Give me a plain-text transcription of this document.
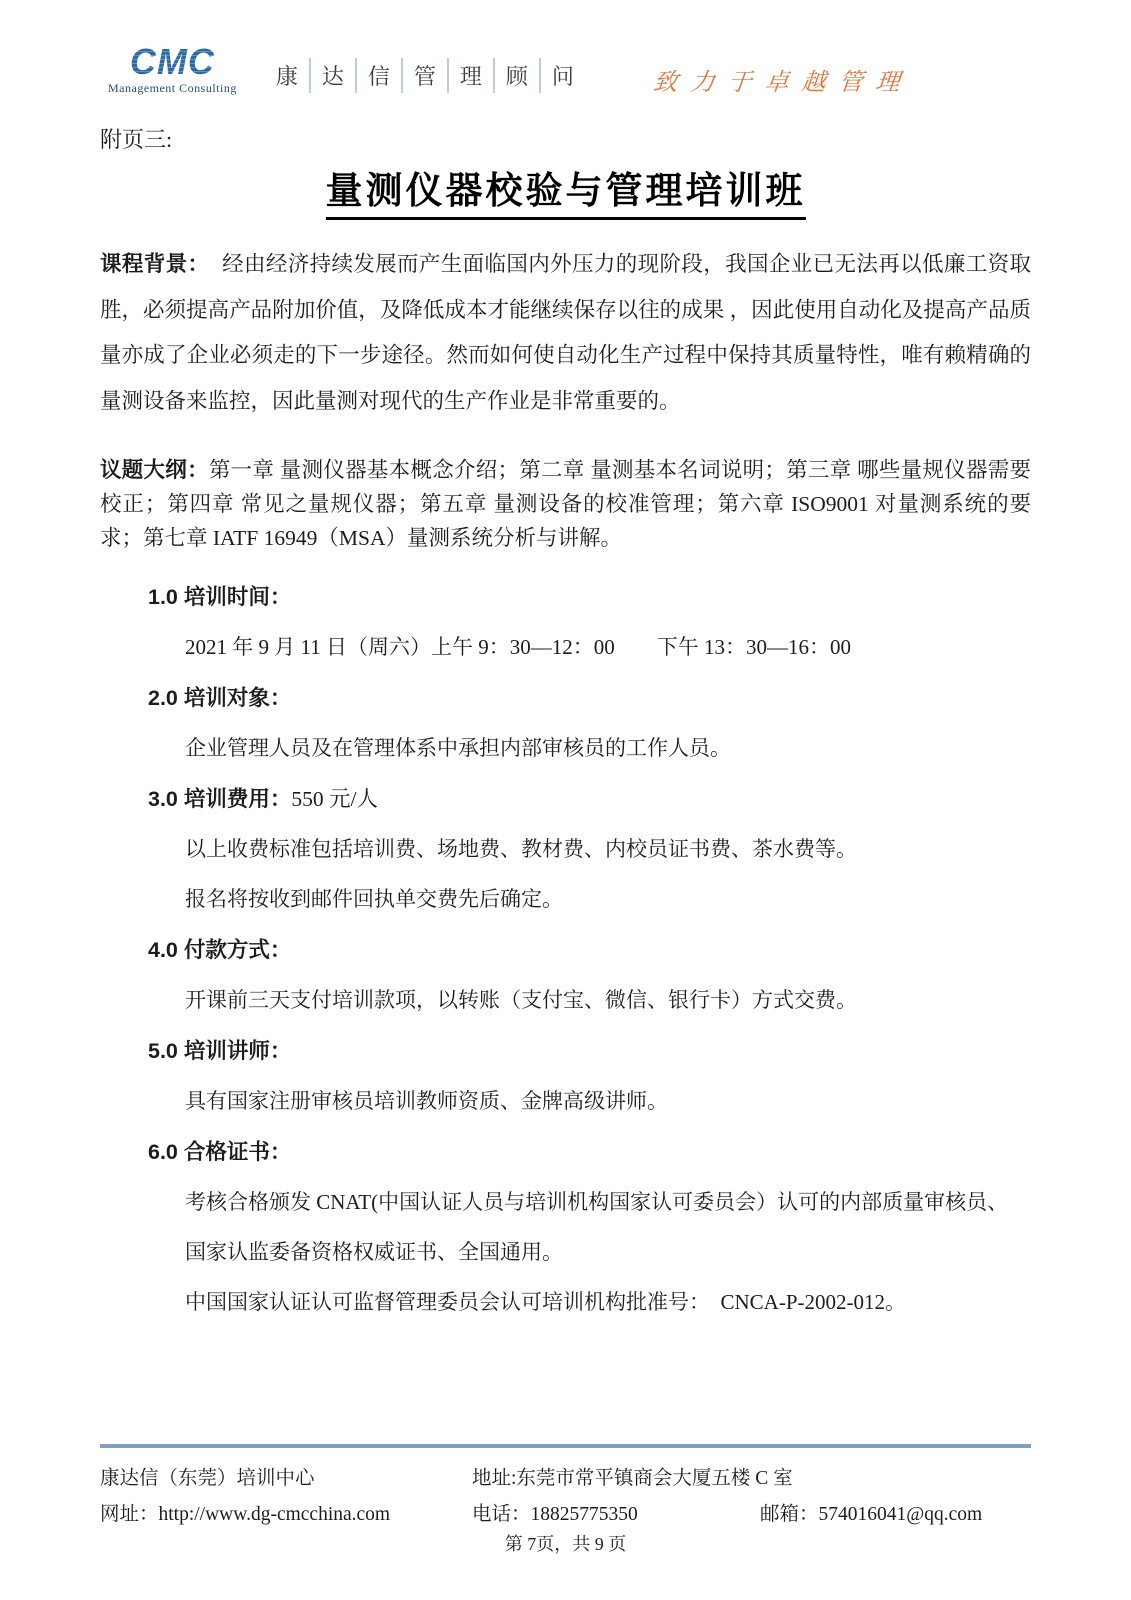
CMC
Management Consulting	康	达	信	管	理	顾	问	致力于卓越管理
附页三:
量测仪器校验与管理培训班
课程背景： 经由经济持续发展而产生面临国内外压力的现阶段，我国企业已无法再以低廉工资取胜，必须提高产品附加价值，及降低成本才能继续保存以往的成果 ，因此使用自动化及提高产品质量亦成了企业必须走的下一步途径。然而如何使自动化生产过程中保持其质量特性，唯有赖精确的量测设备来监控，因此量测对现代的生产作业是非常重要的。
议题大纲：第一章 量测仪器基本概念介绍；第二章 量测基本名词说明；第三章 哪些量规仪器需要校正；第四章 常见之量规仪器；第五章 量测设备的校准管理；第六章 ISO9001 对量测系统的要求；第七章 IATF 16949（MSA）量测系统分析与讲解。
1.0 培训时间：
2021 年 9 月 11 日（周六）上午 9：30—12：00　　下午 13：30—16：00
2.0 培训对象：
企业管理人员及在管理体系中承担内部审核员的工作人员。
3.0 培训费用：550 元/人
以上收费标准包括培训费、场地费、教材费、内校员证书费、茶水费等。
报名将按收到邮件回执单交费先后确定。
4.0 付款方式：
开课前三天支付培训款项，以转账（支付宝、微信、银行卡）方式交费。
5.0 培训讲师：
具有国家注册审核员培训教师资质、金牌高级讲师。
6.0 合格证书：
考核合格颁发 CNAT(中国认证人员与培训机构国家认可委员会）认可的内部质量审核员、
国家认监委备资格权威证书、全国通用。
中国国家认证认可监督管理委员会认可培训机构批准号：　CNCA-P-2002-012。
康达信（东莞）培训中心	地址:东莞市常平镇商会大厦五楼 C 室
网址：http://www.dg-cmcchina.com	电话：18825775350	邮箱：574016041@qq.com
第 7页，共 9 页
